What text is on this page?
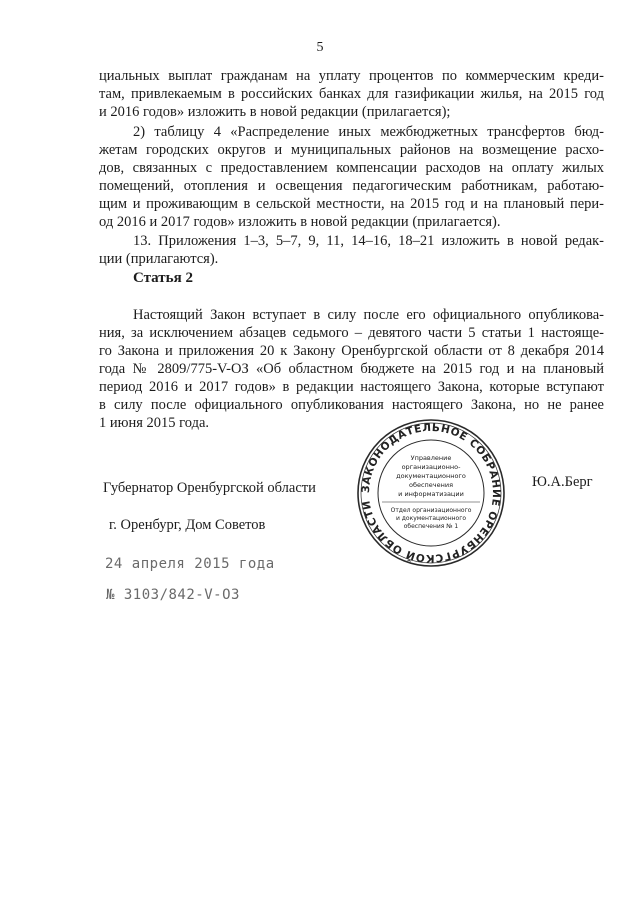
5
циальных выплат гражданам на уплату процентов по коммерческим креди-
там, привлекаемым в российских банках для газификации жилья, на 2015 год
и 2016 годов» изложить в новой редакции (прилагается);
2) таблицу 4 «Распределение иных межбюджетных трансфертов бюд-
жетам городских округов и муниципальных районов на возмещение расхо-
дов, связанных с предоставлением компенсации расходов на оплату жилых
помещений, отопления и освещения педагогическим работникам, работаю-
щим и проживающим в сельской местности, на 2015 год и на плановый пери-
од 2016 и 2017 годов» изложить в новой редакции (прилагается).
13. Приложения 1–3, 5–7, 9, 11, 14–16, 18–21 изложить в новой редак-
ции (прилагаются).
Статья 2
Настоящий Закон вступает в силу после его официального опубликова-
ния, за исключением абзацев седьмого – девятого части 5 статьи 1 настояще-
го Закона и приложения 20 к Закону Оренбургской области от 8 декабря 2014
года № 2809/775-V-ОЗ «Об областном бюджете на 2015 год и на плановый
период 2016 и 2017 годов» в редакции настоящего Закона, которые вступают
в силу после официального опубликования настоящего Закона, но не ранее
1 июня 2015 года.
Губернатор Оренбургской области	Ю.А.Берг
г. Оренбург, Дом Советов
24 апреля 2015 года
№ 3103/842-V-ОЗ
ЗАКОНОДАТЕЛЬНОЕ СОБРАНИЕ ОРЕНБУРГСКОЙ ОБЛАСТИ
Управление
организационно-
документационного
обеспечения
и информатизации
Отдел организационного
и документационного
обеспечения № 1
